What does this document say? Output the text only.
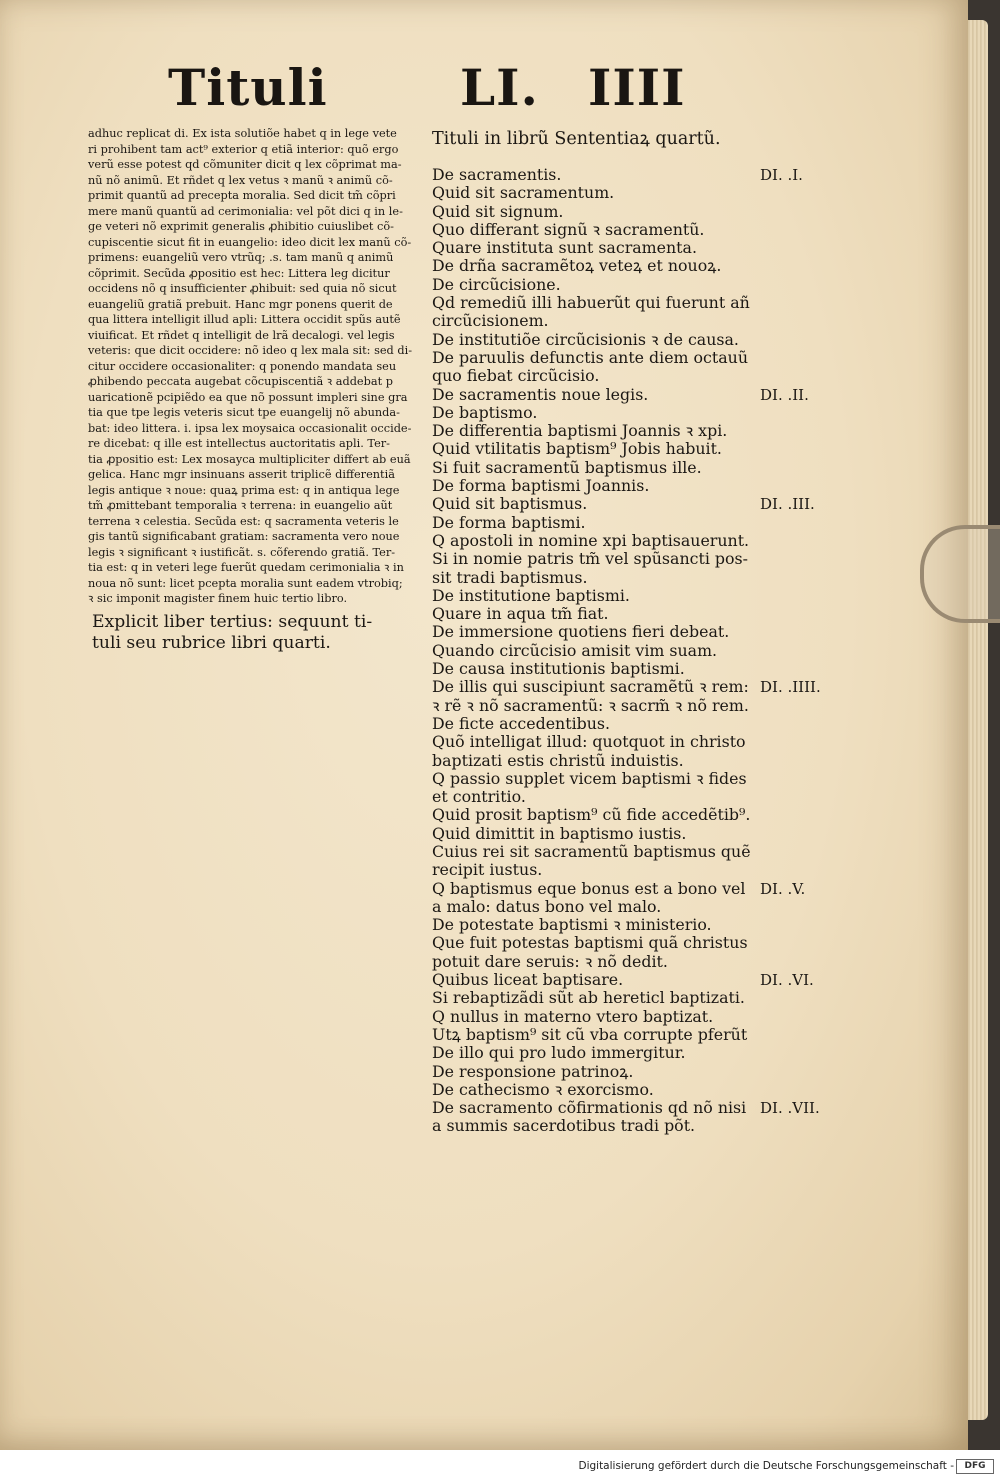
Tituli	LI. IIII
adhuc replicat di. Ex ista solutiõe habet q in lege vete
ri prohibent tam act⁹ exterior q etiã interior: quõ ergo
verũ esse potest qd cõmuniter dicit q lex cõprimat ma-
nũ nõ animũ. Et rñdet q lex vetus ꝛ manũ ꝛ animũ cõ-
primit quantũ ad precepta moralia. Sed dicit tm̃ cõpri
mere manũ quantũ ad cerimonialia: vel põt dici q in le-
ge veteri nõ exprimit generalis ꝓhibitio cuiuslibet cõ-
cupiscentie sicut fit in euangelio: ideo dicit lex manũ cõ-
primens: euangeliũ vero vtrũq; .s. tam manũ q animũ
cõprimit. Secũda ꝓpositio est hec: Littera leg dicitur
occidens nõ q insufficienter ꝓhibuit: sed quia nõ sicut
euangeliũ gratiã prebuit. Hanc mgr ponens querit de
qua littera intelligit illud apli: Littera occidit spũs autẽ
viuificat. Et rñdet q intelligit de lrã decalogi. vel legis
veteris: que dicit occidere: nõ ideo q lex mala sit: sed di-
citur occidere occasionaliter: q ponendo mandata seu
ꝓhibendo peccata augebat cõcupiscentiã ꝛ addebat p
uaricationẽ pcipiẽdo ea que nõ possunt impleri sine gra
tia que tpe legis veteris sicut tpe euangelij nõ abunda-
bat: ideo littera. i. ipsa lex moysaica occasionalit occide-
re dicebat: q ille est intellectus auctoritatis apli. Ter-
tia ꝓpositio est: Lex mosayca multipliciter differt ab euã
gelica. Hanc mgr insinuans asserit triplicẽ differentiã
legis antique ꝛ noue: quaꝝ prima est: q in antiqua lege
tm̃ ꝓmittebant temporalia ꝛ terrena: in euangelio aũt
terrena ꝛ celestia. Secũda est: q sacramenta veteris le
gis tantũ significabant gratiam: sacramenta vero noue
legis ꝛ significant ꝛ iustificãt. s. cõferendo gratiã. Ter-
tia est: q in veteri lege fuerũt quedam cerimonialia ꝛ in
noua nõ sunt: licet pcepta moralia sunt eadem vtrobiq;
ꝛ sic imponit magister finem huic tertio libro.
Explicit liber tertius: sequunt ti-
tuli seu rubrice libri quarti.
Tituli in librũ Sententiaꝝ quartũ.
De sacramentis.	DI. .I.
Quid sit sacramentum.
Quid sit signum.
Quo differant signũ ꝛ sacramentũ.
Quare instituta sunt sacramenta.
De drña sacramẽtoꝝ veteꝝ et nouoꝝ.
De circũcisione.
Qd remediũ illi habuerũt qui fuerunt añ
circũcisionem.
De institutiõe circũcisionis ꝛ de causa.
De paruulis defunctis ante diem octauũ
quo fiebat circũcisio.
De sacramentis noue legis.	DI. .II.
De baptismo.
De differentia baptismi Joannis ꝛ xpi.
Quid vtilitatis baptism⁹ Jobis habuit.
Si fuit sacramentũ baptismus ille.
De forma baptismi Joannis.
Quid sit baptismus.	DI. .III.
De forma baptismi.
Q apostoli in nomine xpi baptisauerunt.
Si in nomie patris tm̃ vel spũsancti pos-
sit tradi baptismus.
De institutione baptismi.
Quare in aqua tm̃ fiat.
De immersione quotiens fieri debeat.
Quando circũcisio amisit vim suam.
De causa institutionis baptismi.
De illis qui suscipiunt sacramẽtũ ꝛ rem: DI. .IIII.
ꝛ rẽ ꝛ nõ sacramentũ: ꝛ sacrm̃ ꝛ nõ rem.
De ficte accedentibus.
Quõ intelligat illud: quotquot in christo
baptizati estis christũ induistis.
Q passio supplet vicem baptismi ꝛ fides
et contritio.
Quid prosit baptism⁹ cũ fide accedẽtib⁹.
Quid dimittit in baptismo iustis.
Cuius rei sit sacramentũ baptismus quẽ
recipit iustus.
Q baptismus eque bonus est a bono vel DI. .V.
a malo: datus bono vel malo.
De potestate baptismi ꝛ ministerio.
Que fuit potestas baptismi quã christus
potuit dare seruis: ꝛ nõ dedit.
Quibus liceat baptisare.	DI. .VI.
Si rebaptizãdi sũt ab hereticl baptizati.
Q nullus in materno vtero baptizat.
Utꝝ baptism⁹ sit cũ vba corrupte pferũt
De illo qui pro ludo immergitur.
De responsione patrinoꝝ.
De cathecismo ꝛ exorcismo.
De sacramento cõfirmationis qd nõ nisi DI. .VII.
a summis sacerdotibus tradi põt.
Digitalisierung gefördert durch die Deutsche Forschungsgemeinschaft -	DFG
